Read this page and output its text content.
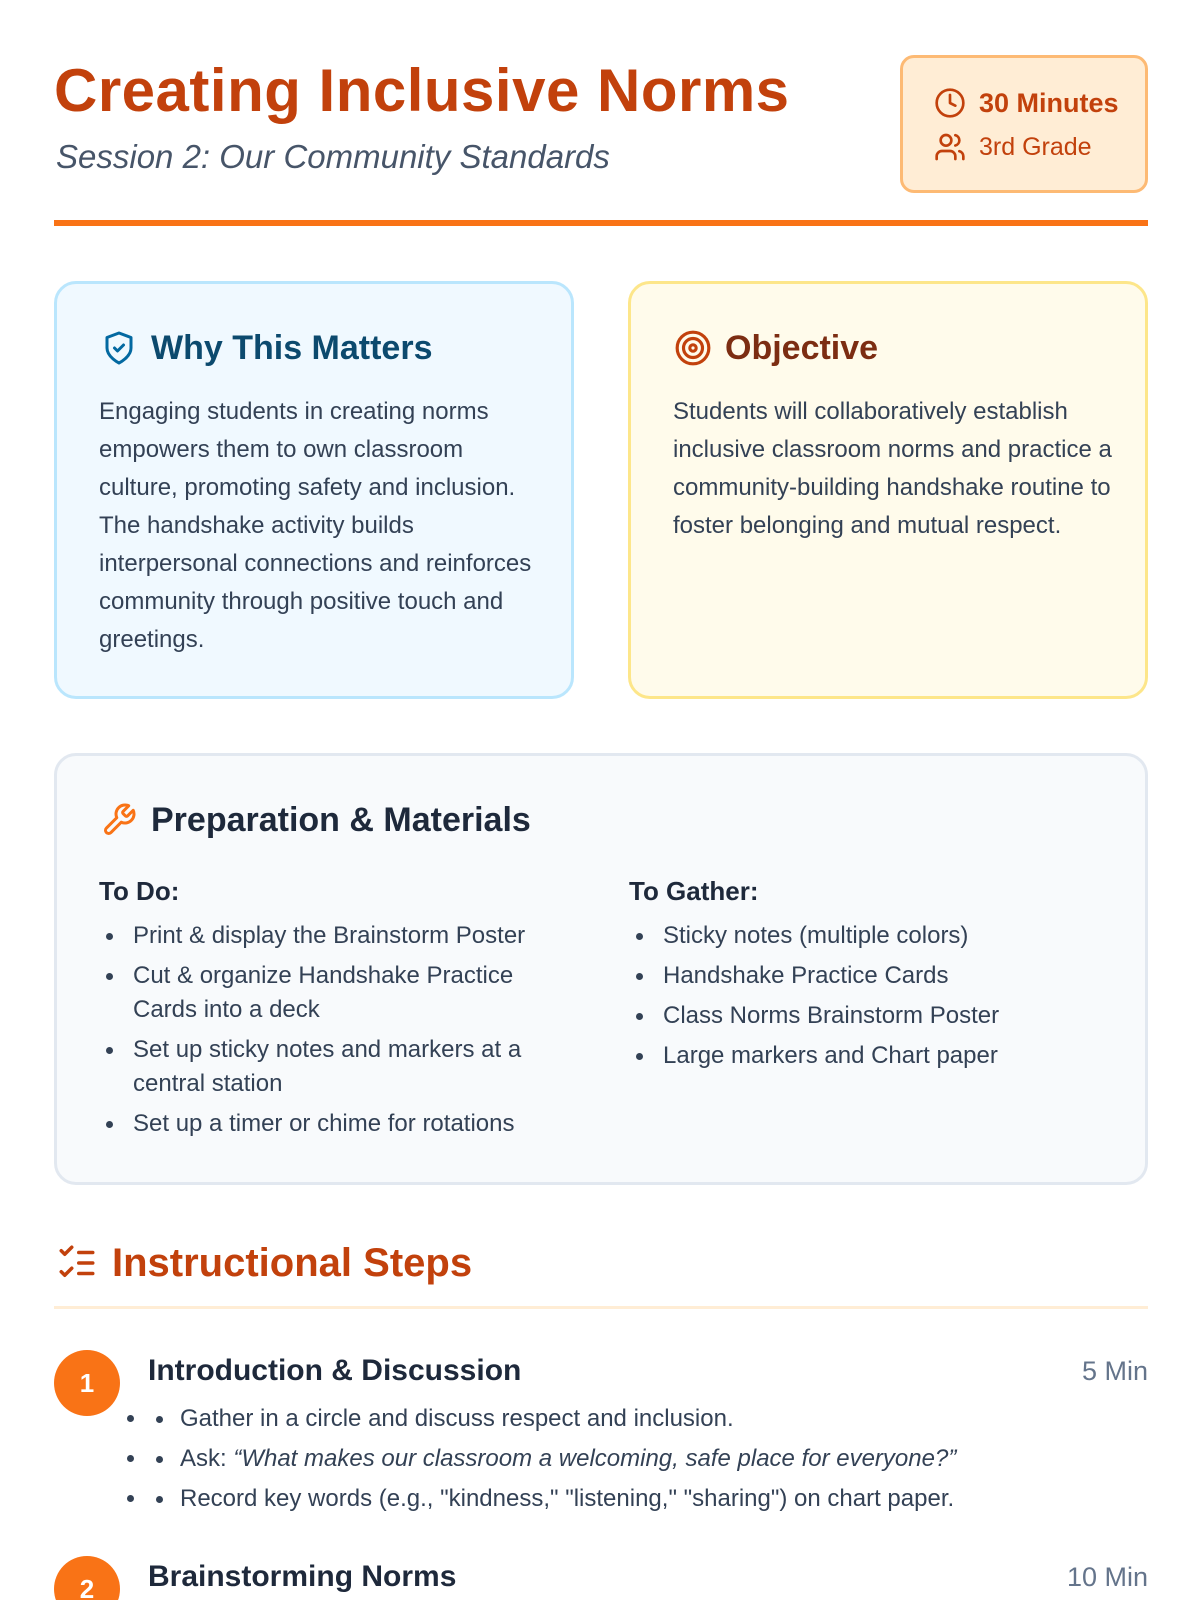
Creating Inclusive Norms
Session 2: Our Community Standards
30 Minutes
3rd Grade
Why This Matters

Engaging students in creating norms empowers them to own classroom culture, promoting safety and inclusion. The handshake activity builds interpersonal connections and reinforces community through positive touch and greetings.

Objective

Students will collaboratively establish inclusive classroom norms and practice a community-building handshake routine to foster belonging and mutual respect.

Preparation & Materials
To Do:
Print & display the Brainstorm Poster
Cut & organize Handshake Practice Cards into a deck
Set up sticky notes and markers at a central station
Set up a timer or chime for rotations
To Gather:
Sticky notes (multiple colors)
Handshake Practice Cards
Class Norms Brainstorm Poster
Large markers and Chart paper
Instructional Steps
1	Introduction & Discussion	5 Min
• Gather in a circle and discuss respect and inclusion.
• Ask: “What makes our classroom a welcoming, safe place for everyone?”
• Record key words (e.g., "kindness," "listening," "sharing") on chart paper.
2	Brainstorming Norms	10 Min
